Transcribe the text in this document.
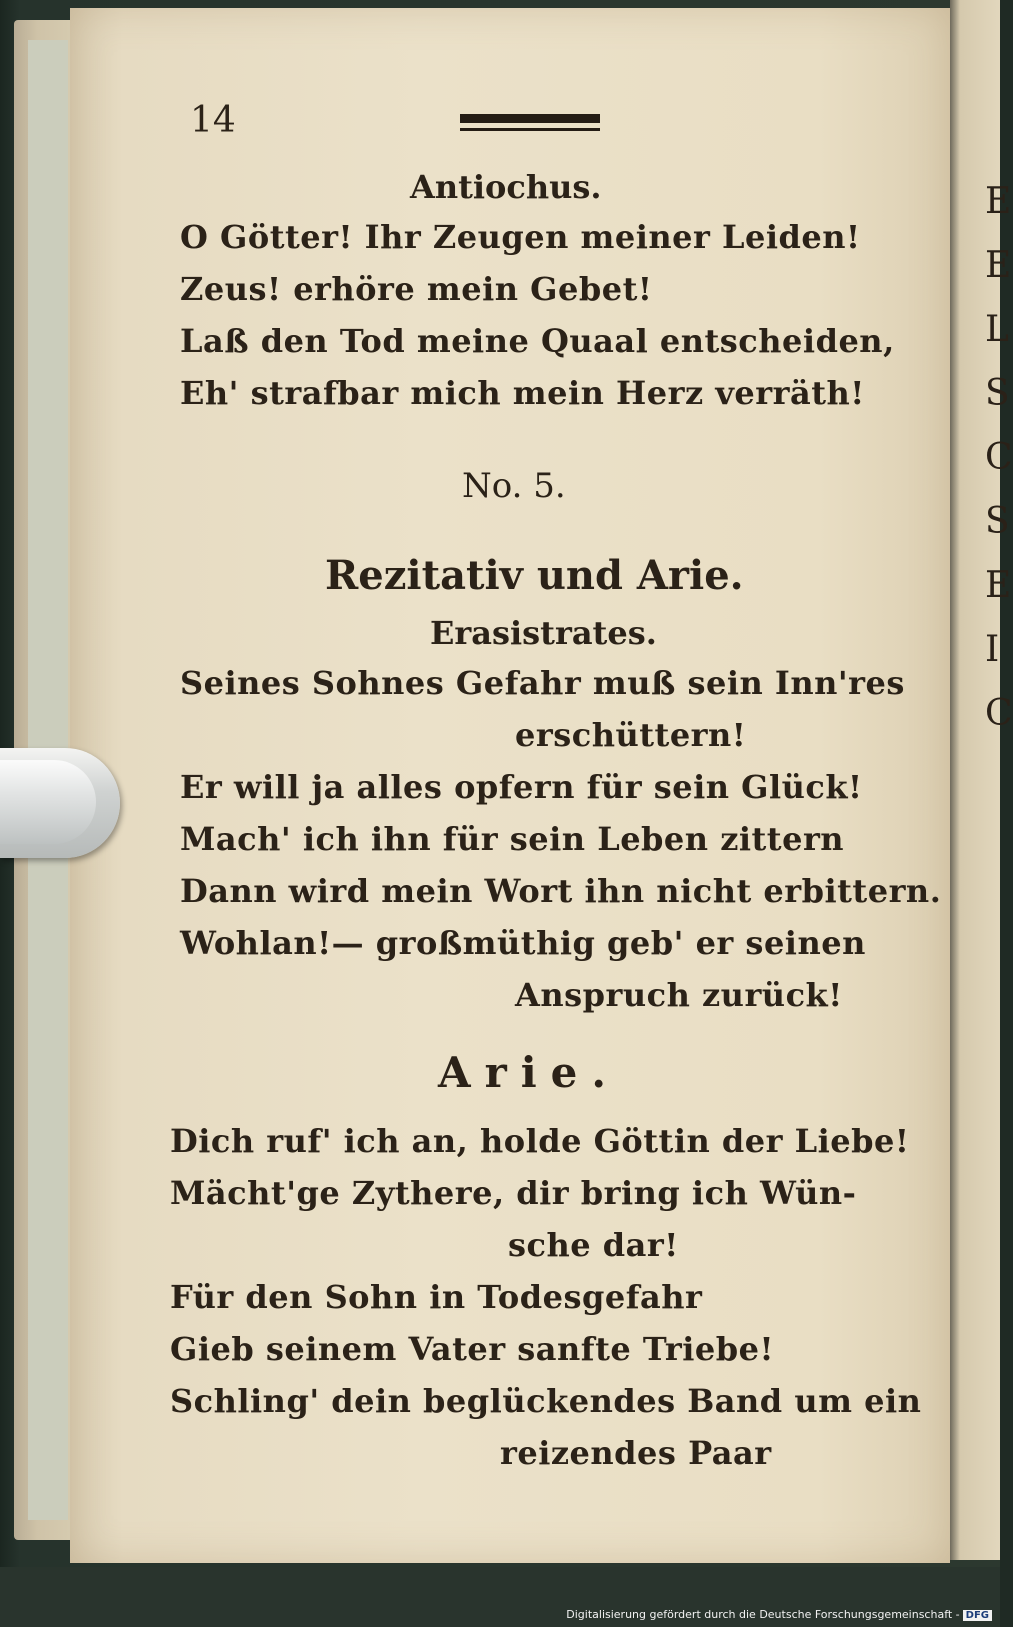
E
E
L
S
C
S
E
I
C
14
Antiochus.
O Götter! Ihr Zeugen meiner Leiden!
Zeus! erhöre mein Gebet!
Laß den Tod meine Quaal entscheiden,
Eh' strafbar mich mein Herz verräth!
No. 5.
Rezitativ und Arie.
Erasistrates.
Seines Sohnes Gefahr muß sein Inn'res
erschüttern!
Er will ja alles opfern für sein Glück!
Mach' ich ihn für sein Leben zittern
Dann wird mein Wort ihn nicht erbittern.
Wohlan!— großmüthig geb' er seinen
Anspruch zurück!
Arie.
Dich ruf' ich an, holde Göttin der Liebe!
Mächt'ge Zythere, dir bring ich Wün-
sche dar!
Für den Sohn in Todesgefahr
Gieb seinem Vater sanfte Triebe!
Schling' dein beglückendes Band um ein
reizendes Paar
Digitalisierung gefördert durch die Deutsche Forschungsgemeinschaft - DFG
